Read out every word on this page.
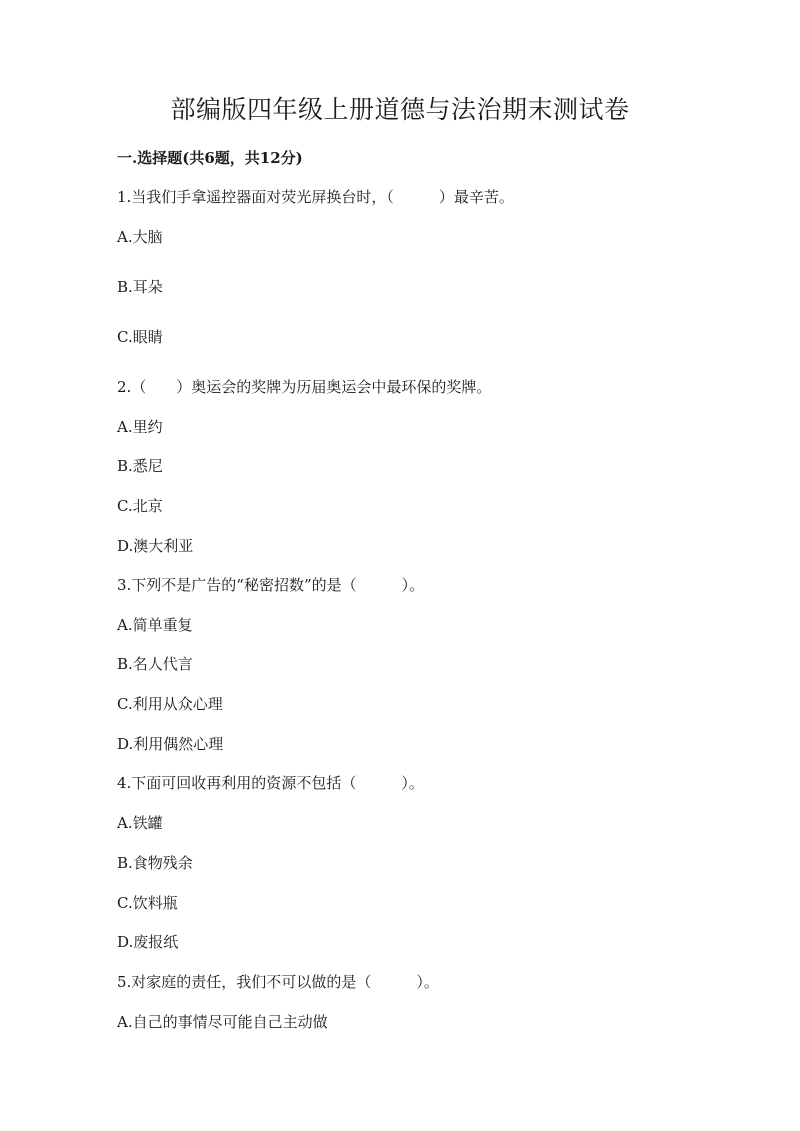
部编版四年级上册道德与法治期末测试卷
一.选择题(共6题，共12分)
1.当我们手拿遥控器面对荧光屏换台时，（　　　）最辛苦。
A.大脑
B.耳朵
C.眼睛
2.（　　）奥运会的奖牌为历届奥运会中最环保的奖牌。
A.里约
B.悉尼
C.北京
D.澳大利亚
3.下列不是广告的“秘密招数”的是（　　　）。
A.简单重复
B.名人代言
C.利用从众心理
D.利用偶然心理
4.下面可回收再利用的资源不包括（　　　）。
A.铁罐
B.食物残余
C.饮料瓶
D.废报纸
5.对家庭的责任，我们不可以做的是（　　　）。
A.自己的事情尽可能自己主动做
